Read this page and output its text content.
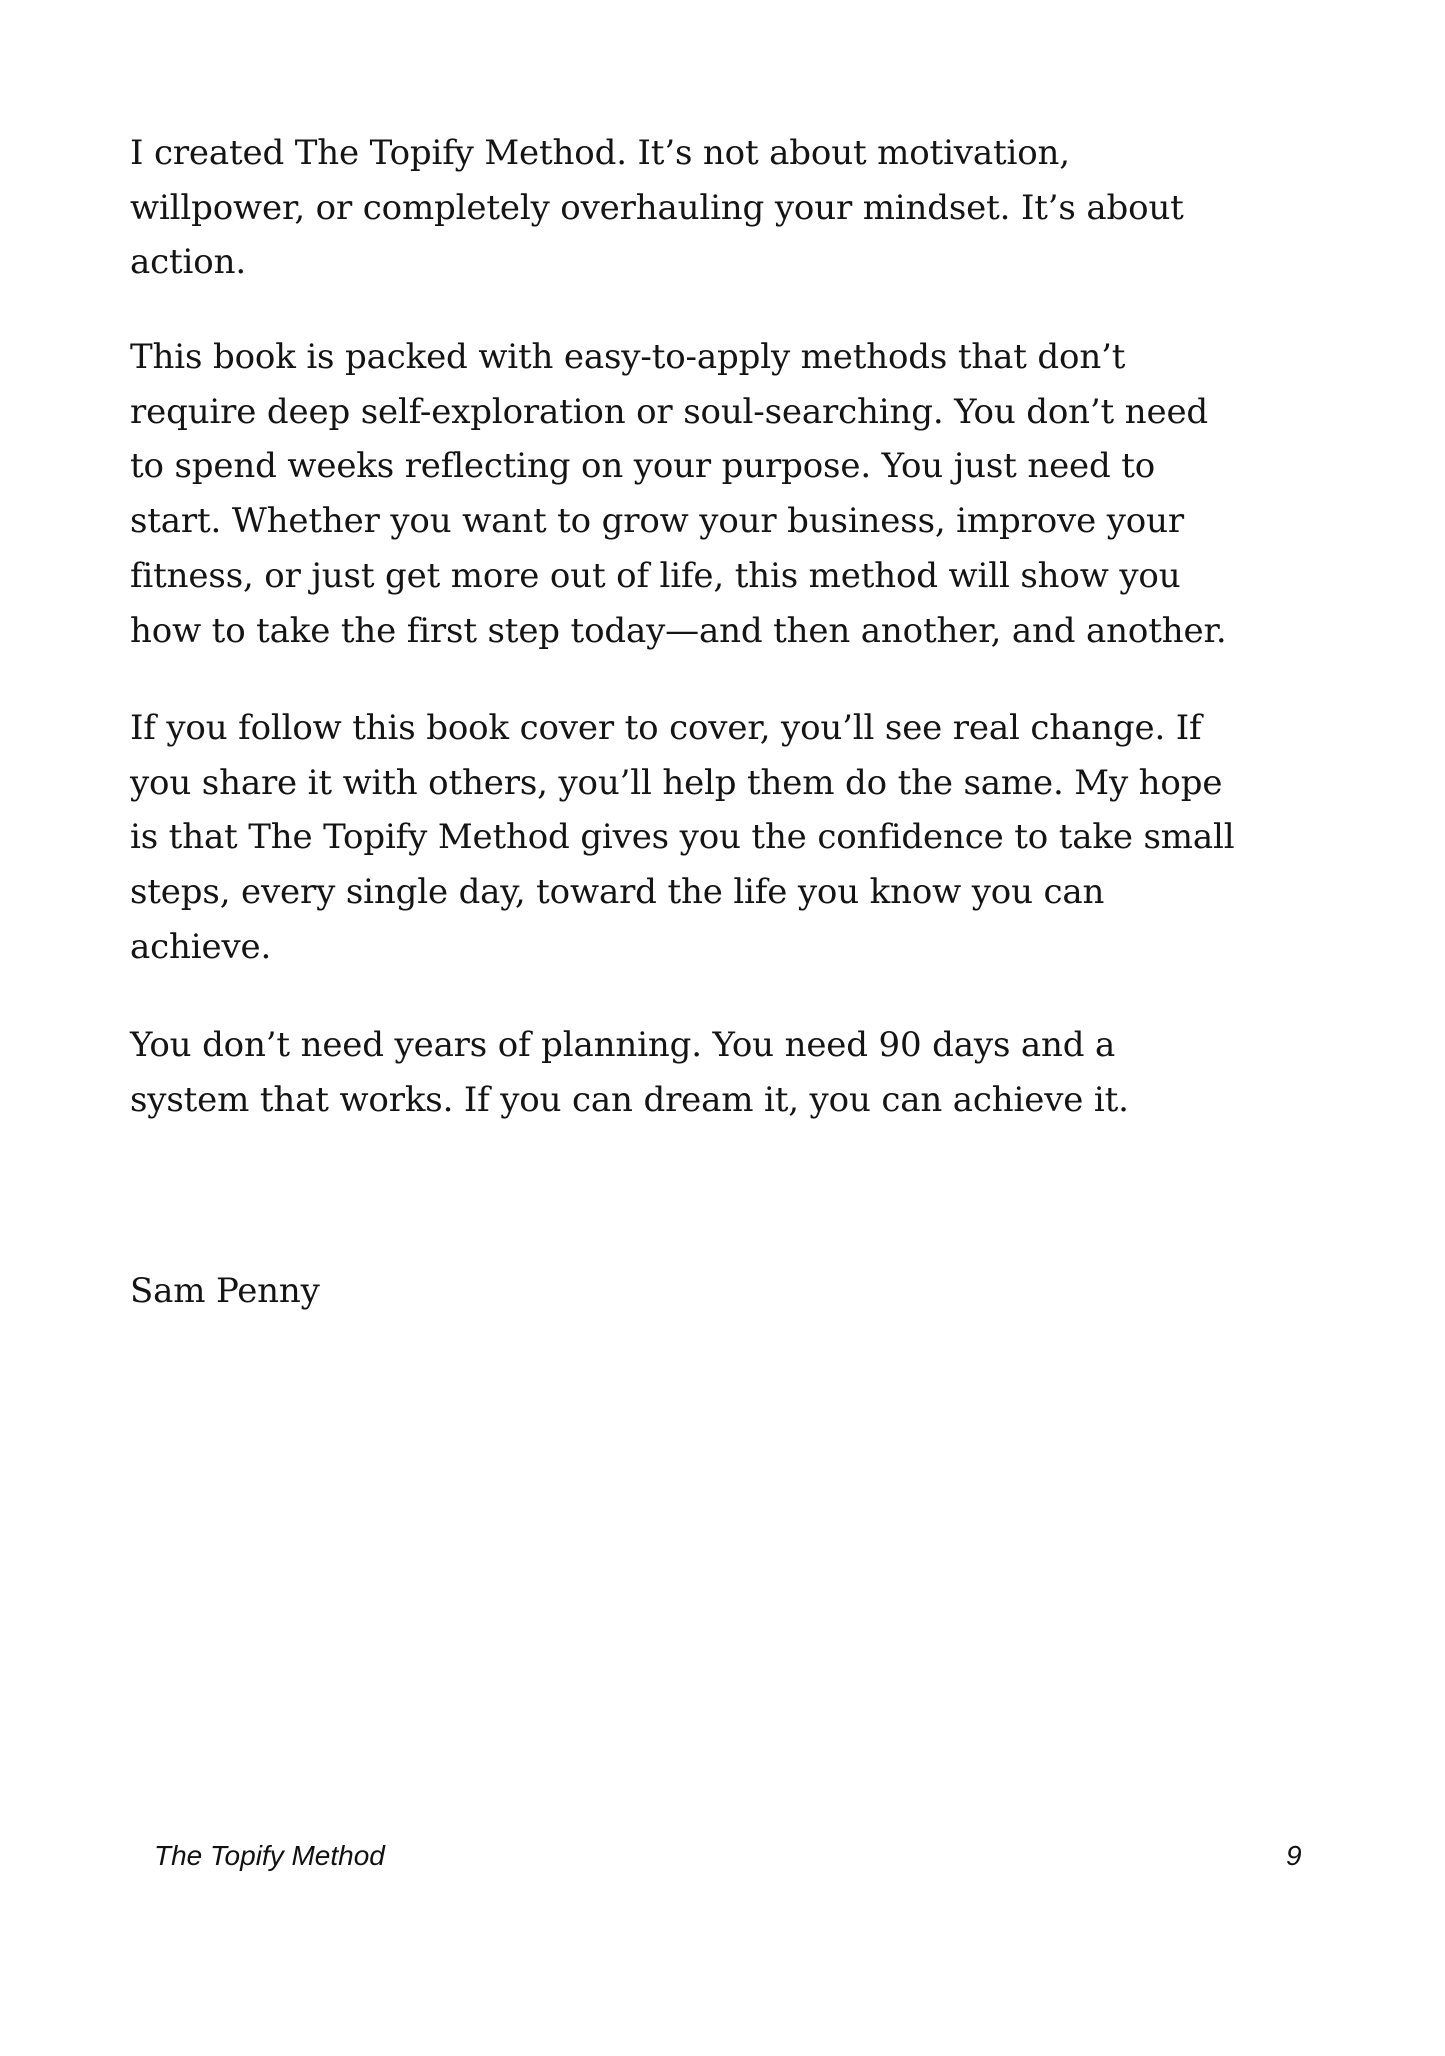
I created The Topify Method. It’s not about motivation,
willpower, or completely overhauling your mindset. It’s about
action.

This book is packed with easy-to-apply methods that don’t
require deep self-exploration or soul-searching. You don’t need
to spend weeks reflecting on your purpose. You just need to
start. Whether you want to grow your business, improve your
fitness, or just get more out of life, this method will show you
how to take the first step today—and then another, and another.

If you follow this book cover to cover, you’ll see real change. If
you share it with others, you’ll help them do the same. My hope
is that The Topify Method gives you the confidence to take small
steps, every single day, toward the life you know you can
achieve.

You don’t need years of planning. You need 90 days and a
system that works. If you can dream it, you can achieve it.

Sam Penny

The Topify Method	9
